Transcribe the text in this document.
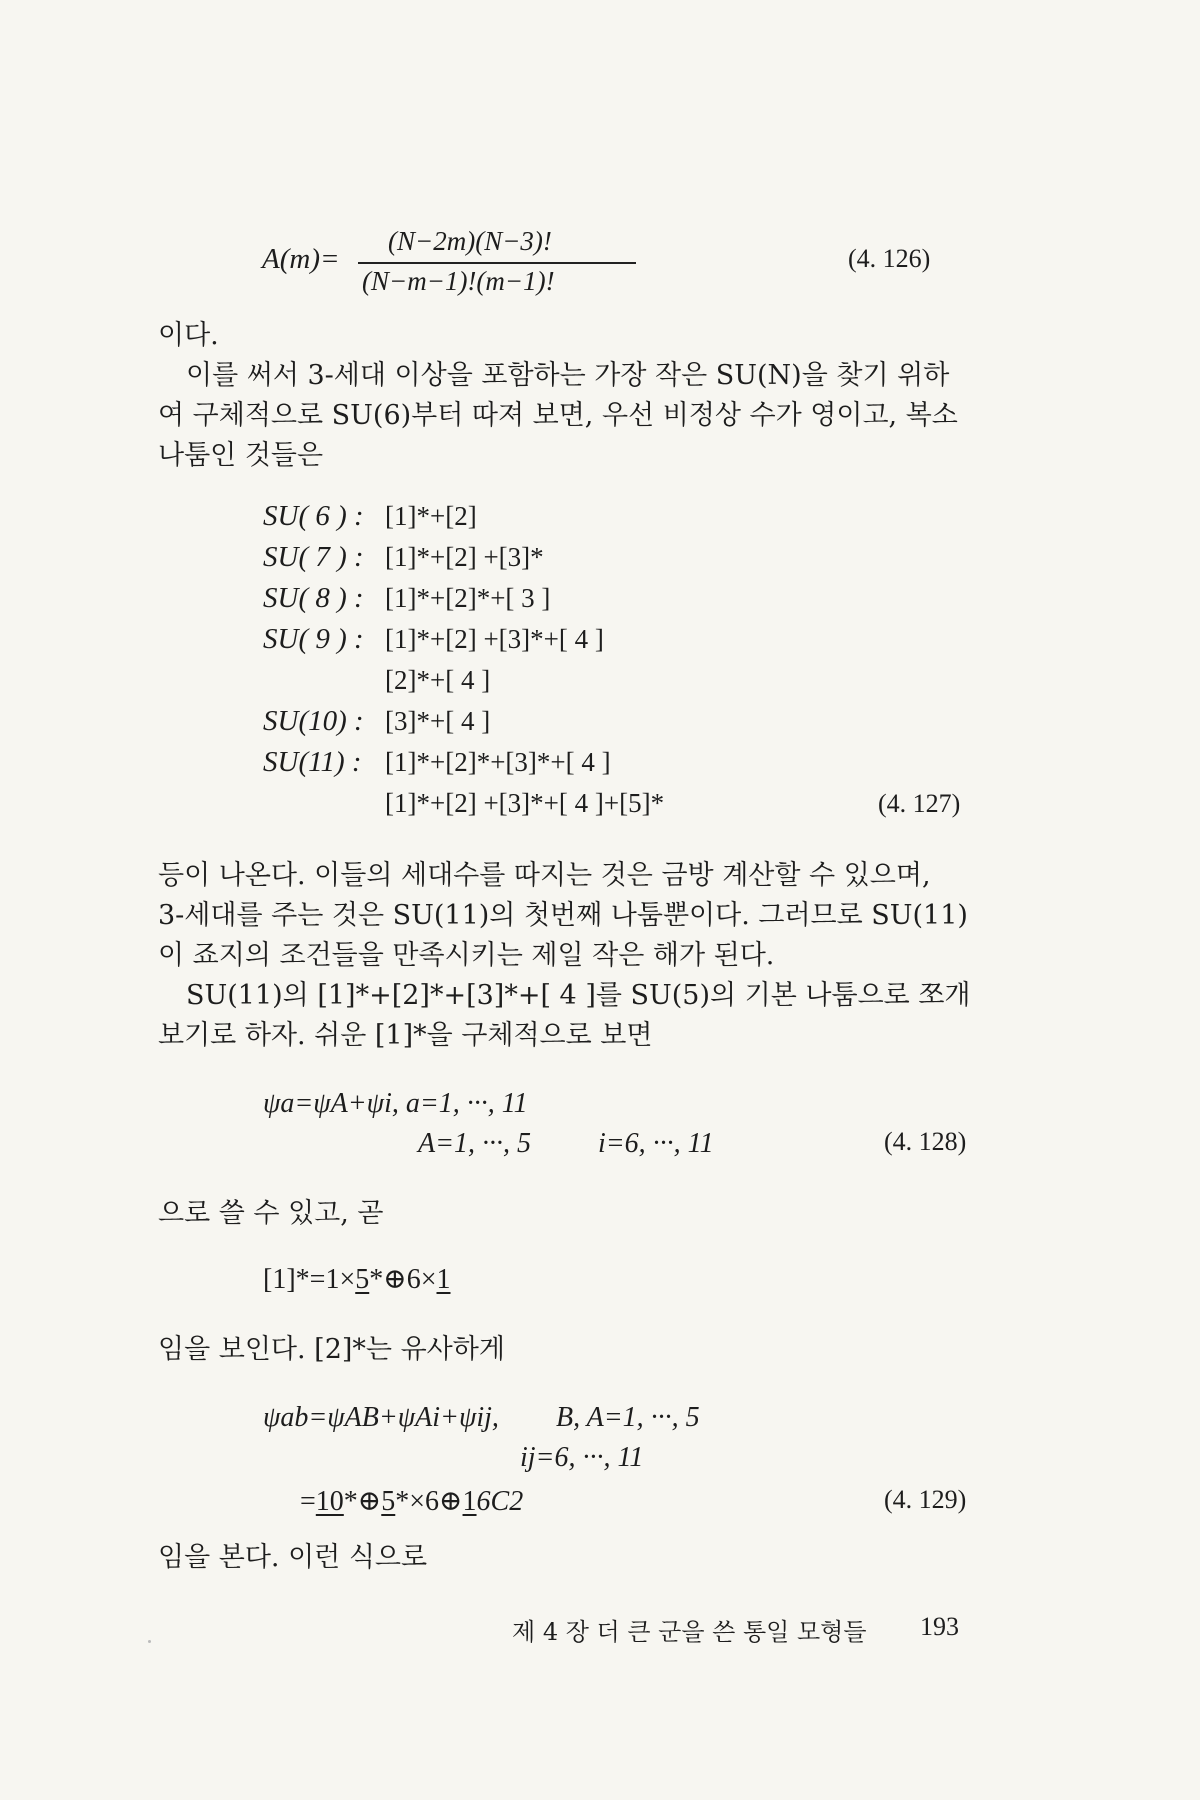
A(m)=
(N−2m)(N−3)!
(N−m−1)!(m−1)!
(4. 126)
이다.
이를 써서 3-세대 이상을 포함하는 가장 작은 SU(N)을 찾기 위하
여 구체적으로 SU(6)부터 따져 보면, 우선 비정상 수가 영이고, 복소
나툼인 것들은
SU( 6 ) : [1]*+[2]
SU( 7 ) : [1]*+[2] +[3]*
SU( 8 ) : [1]*+[2]*+[ 3 ]
SU( 9 ) : [1]*+[2] +[3]*+[ 4 ]
[2]*+[ 4 ]
SU(10) : [3]*+[ 4 ]
SU(11) : [1]*+[2]*+[3]*+[ 4 ]
[1]*+[2] +[3]*+[ 4 ]+[5]*	(4. 127)
등이 나온다. 이들의 세대수를 따지는 것은 금방 계산할 수 있으며,
3-세대를 주는 것은 SU(11)의 첫번째 나툼뿐이다. 그러므로 SU(11)
이 죠지의 조건들을 만족시키는 제일 작은 해가 된다.
SU(11)의 [1]*+[2]*+[3]*+[ 4 ]를 SU(5)의 기본 나툼으로 쪼개
보기로 하자. 쉬운 [1]*을 구체적으로 보면
ψa=ψA+ψi, a=1, ···, 11
A=1, ···, 5 i=6, ···, 11	(4. 128)
으로 쓸 수 있고, 곧
[1]*=1×5*⊕6×1
임을 보인다. [2]*는 유사하게
ψab=ψAB+ψAi+ψij, B, A=1, ···, 5
ij=6, ···, 11
=10*⊕5*×6⊕16C2	(4. 129)
임을 본다. 이런 식으로
제 4 장 더 큰 군을 쓴 통일 모형들 193
